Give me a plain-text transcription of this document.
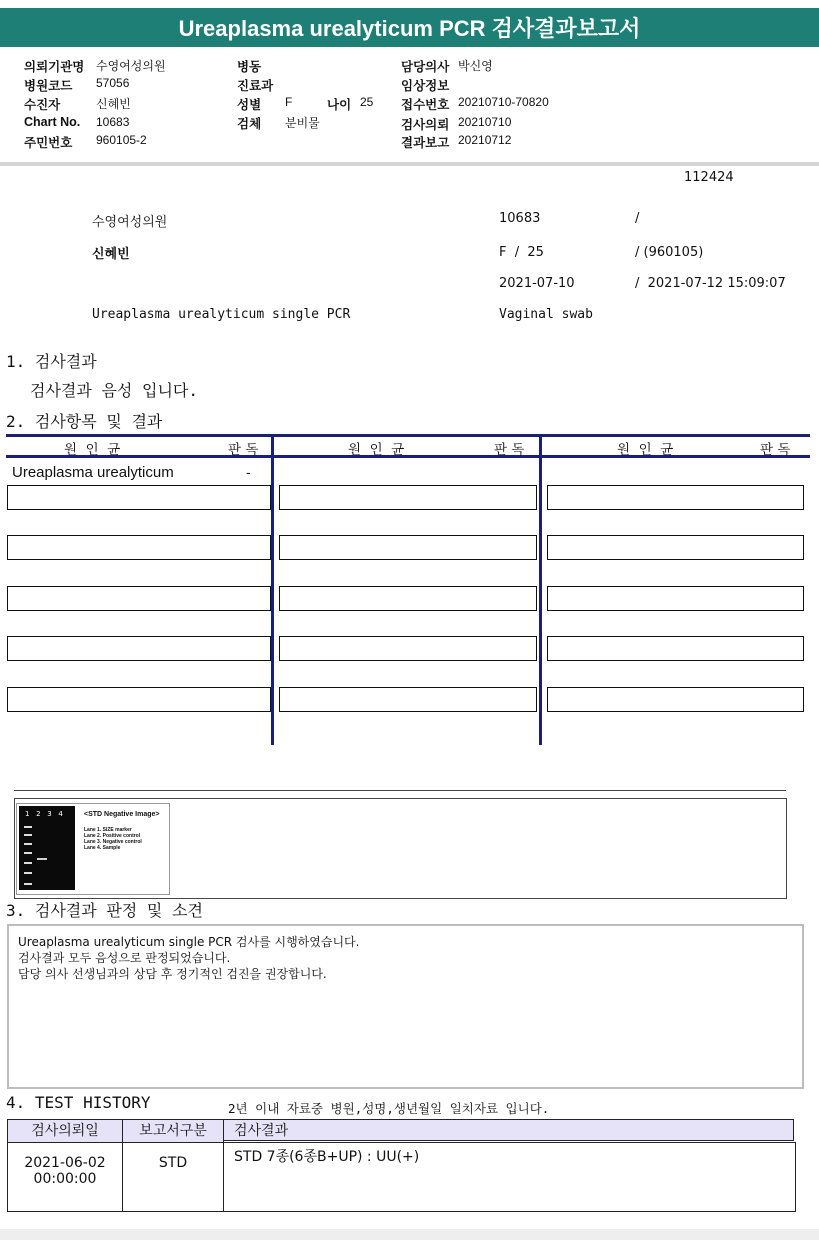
Ureaplasma urealyticum PCR 검사결과보고서
의뢰기관명 수영여성의원
병원코드 57056
수진자	신혜빈
Chart No. 10683
주민번호 960105-2
병동
진료과
성별 F	나이 25
검체 분비물
담당의사 박신영
임상정보
접수번호 20210710-70820
검사의뢰 20210710
결과보고 20210712
112424
수영여성의원	10683	/
신혜빈	F  /  25	/ (960105)
2021-07-10	/  2021-07-12 15:09:07
Ureaplasma urealyticum single PCR	Vaginal swab
1. 검사결과
검사결과 음성 입니다.
2. 검사항목 및 결과
원  인  균	판 독	원  인  균	판 독	원  인  균	판 독
Ureaplasma urealyticum	-
1   2   3   4	<STD Negative Image>
Lane 1. SIZE marker
Lane 2. Positive control
Lane 3. Negative control
Lane 4. Sample
3. 검사결과 판정 및 소견
Ureaplasma urealyticum single PCR 검사를 시행하였습니다.
검사결과 모두 음성으로 판정되었습니다.
담당 의사 선생님과의 상담 후 정기적인 검진을 권장합니다.
4. TEST HISTORY	2년 이내 자료중 병원,성명,생년월일 일치자료 입니다.
검사의뢰일	보고서구분	검사결과
2021-06-02
00:00:00
STD	STD 7종(6종B+UP) : UU(+)
